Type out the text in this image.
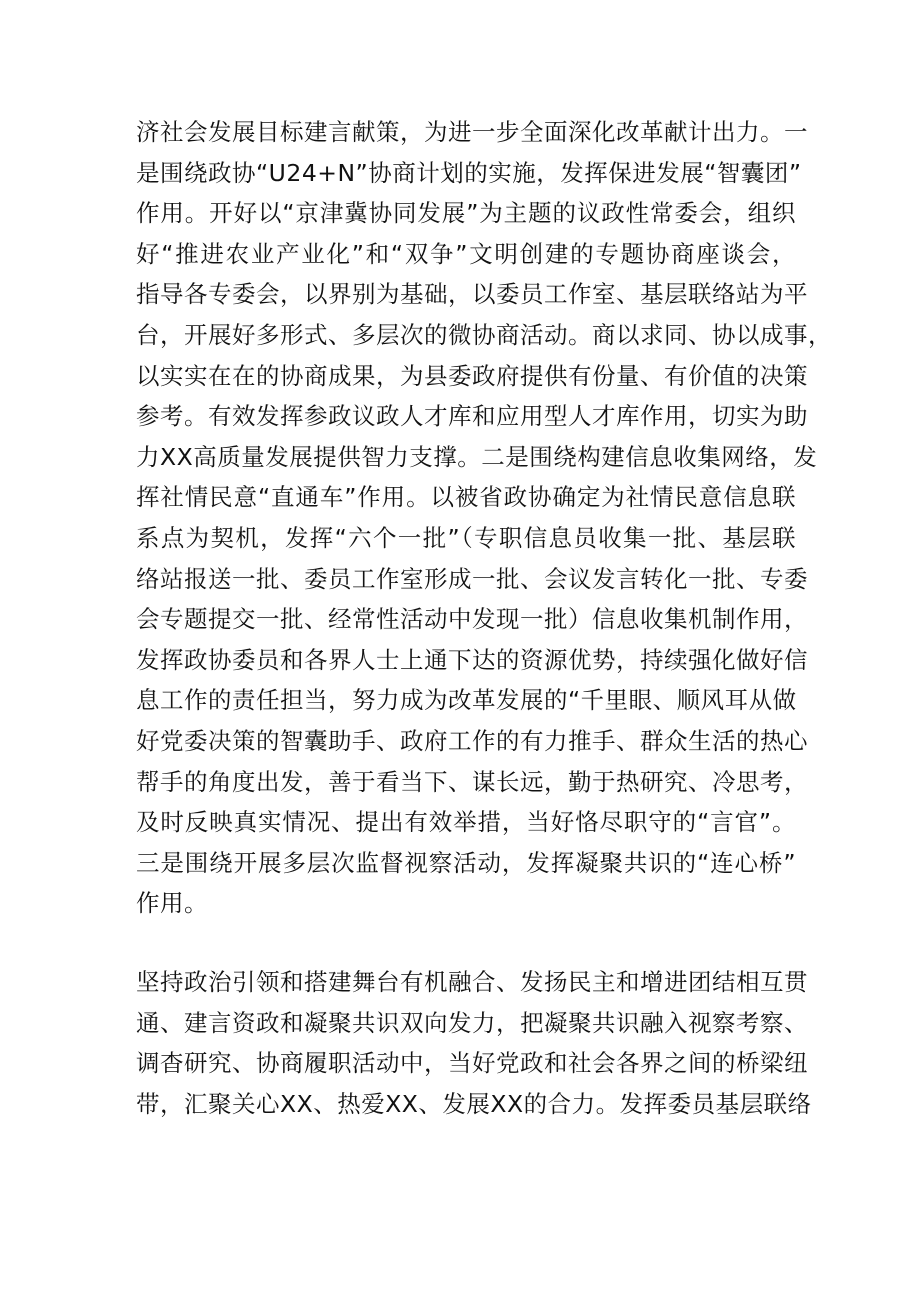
济社会发展目标建言献策，为进一步全面深化改革献计出力。一
是围绕政协“U24+N”协商计划的实施，发挥保进发展“智囊团”
作用。开好以“京津冀协同发展”为主题的议政性常委会，组织
好“推进农业产业化”和“双争”文明创建的专题协商座谈会，
指导各专委会，以界别为基础，以委员工作室、基层联络站为平
台，开展好多形式、多层次的微协商活动。商以求同、协以成事，
以实实在在的协商成果，为县委政府提供有份量、有价值的决策
参考。有效发挥参政议政人才库和应用型人才库作用，切实为助
力XX高质量发展提供智力支撑。二是围绕构建信息收集网络，发
挥社情民意“直通车”作用。以被省政协确定为社情民意信息联
系点为契机，发挥“六个一批”（专职信息员收集一批、基层联
络站报送一批、委员工作室形成一批、会议发言转化一批、专委
会专题提交一批、经常性活动中发现一批）信息收集机制作用，
发挥政协委员和各界人士上通下达的资源优势，持续强化做好信
息工作的责任担当，努力成为改革发展的“千里眼、顺风耳从做
好党委决策的智囊助手、政府工作的有力推手、群众生活的热心
帮手的角度出发，善于看当下、谋长远，勤于热研究、冷思考，
及时反映真实情况、提出有效举措，当好恪尽职守的“言官”。
三是围绕开展多层次监督视察活动，发挥凝聚共识的“连心桥”
作用。
坚持政治引领和搭建舞台有机融合、发扬民主和增进团结相互贯
通、建言资政和凝聚共识双向发力，把凝聚共识融入视察考察、
调杳研究、协商履职活动中，当好党政和社会各界之间的桥梁纽
带，汇聚关心XX、热爱XX、发展XX的合力。发挥委员基层联络
